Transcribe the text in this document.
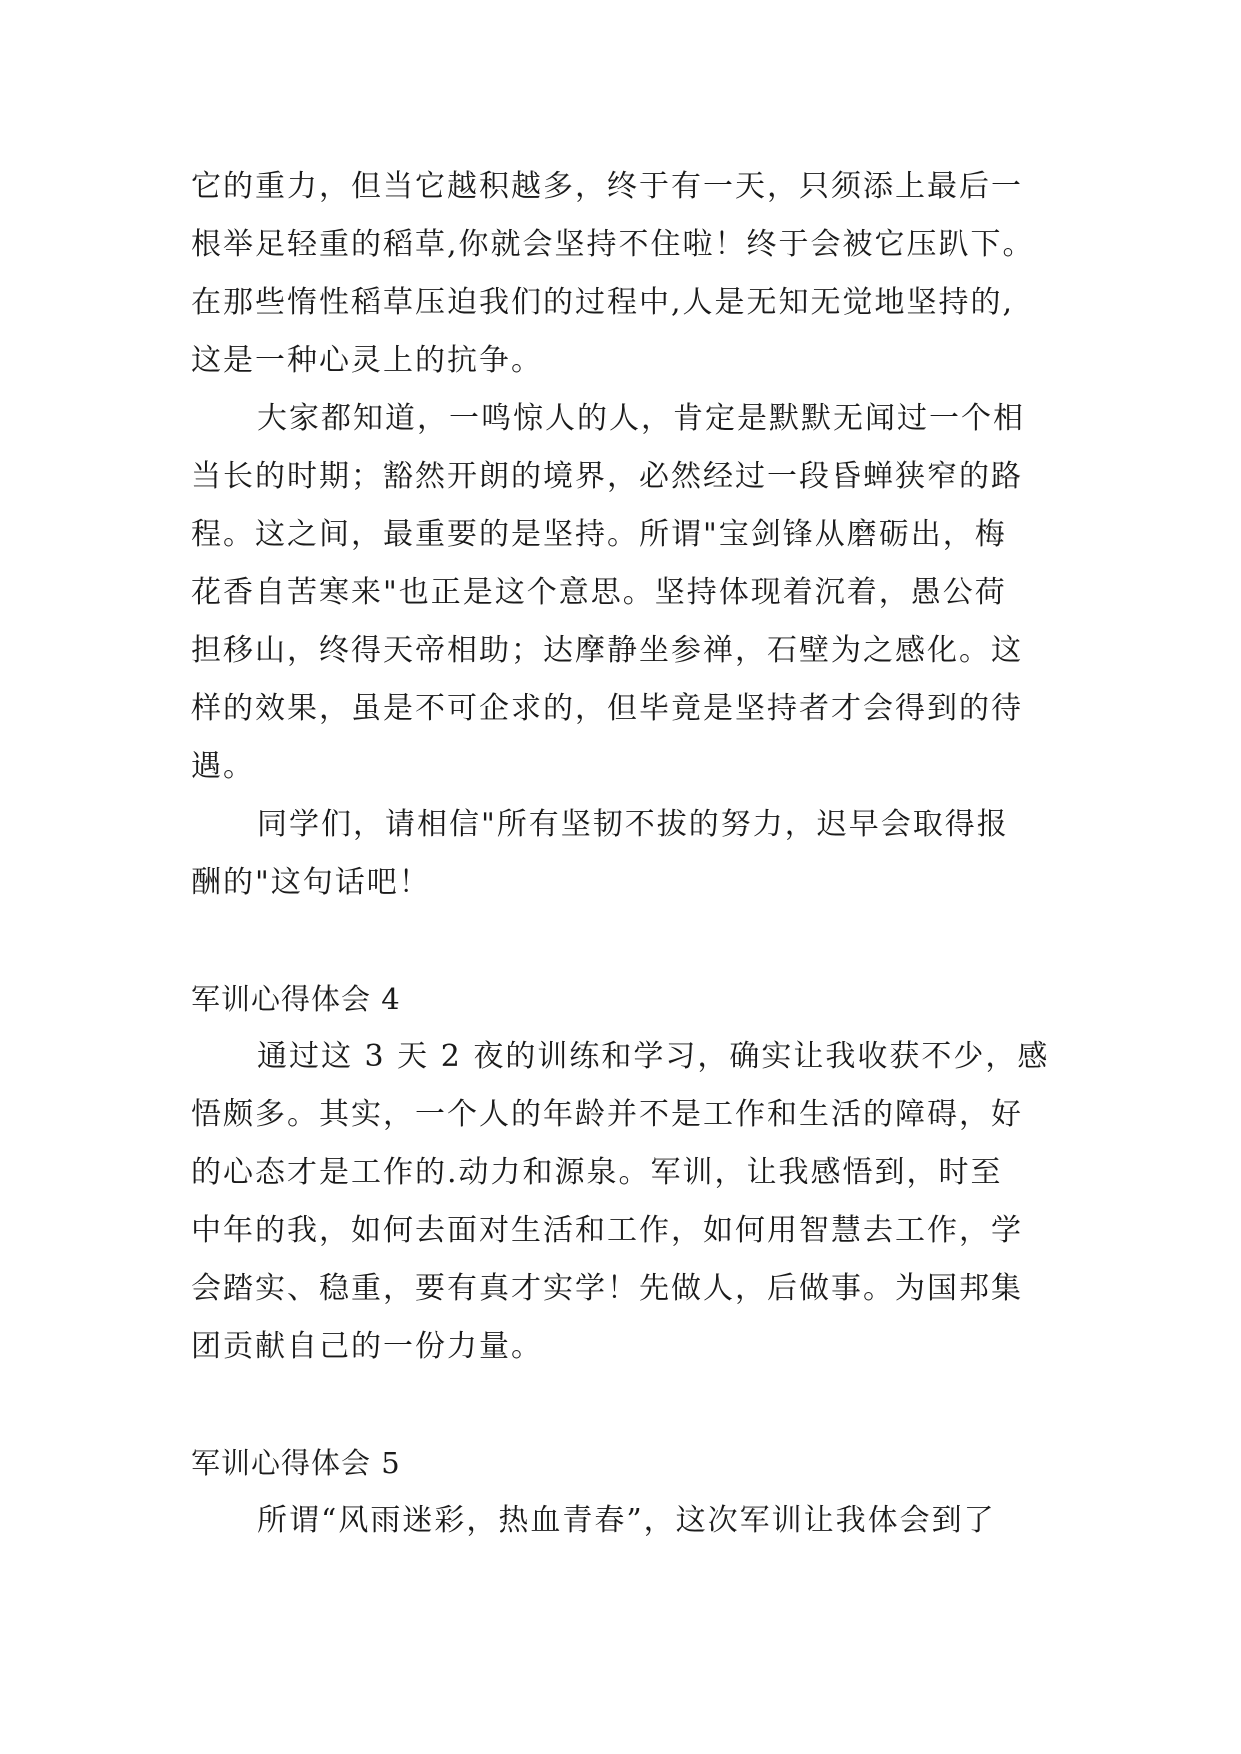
它的重力，但当它越积越多，终于有一天，只须添上最后一
根举足轻重的稻草,你就会坚持不住啦！终于会被它压趴下。
在那些惰性稻草压迫我们的过程中,人是无知无觉地坚持的,
这是一种心灵上的抗争。
大家都知道，一鸣惊人的人，肯定是默默无闻过一个相
当长的时期；豁然开朗的境界，必然经过一段昏蝉狭窄的路
程。这之间，最重要的是坚持。所谓"宝剑锋从磨砺出，梅
花香自苦寒来"也正是这个意思。坚持体现着沉着，愚公荷
担移山，终得天帝相助；达摩静坐参禅，石壁为之感化。这
样的效果，虽是不可企求的，但毕竟是坚持者才会得到的待
遇。
同学们，请相信"所有坚韧不拔的努力，迟早会取得报
酬的"这句话吧！
军训心得体会 4
通过这 3 天 2 夜的训练和学习，确实让我收获不少，感
悟颇多。其实，一个人的年龄并不是工作和生活的障碍，好
的心态才是工作的.动力和源泉。军训，让我感悟到，时至
中年的我，如何去面对生活和工作，如何用智慧去工作，学
会踏实、稳重，要有真才实学！先做人，后做事。为国邦集
团贡献自己的一份力量。
军训心得体会 5
所谓“风雨迷彩，热血青春”，这次军训让我体会到了
